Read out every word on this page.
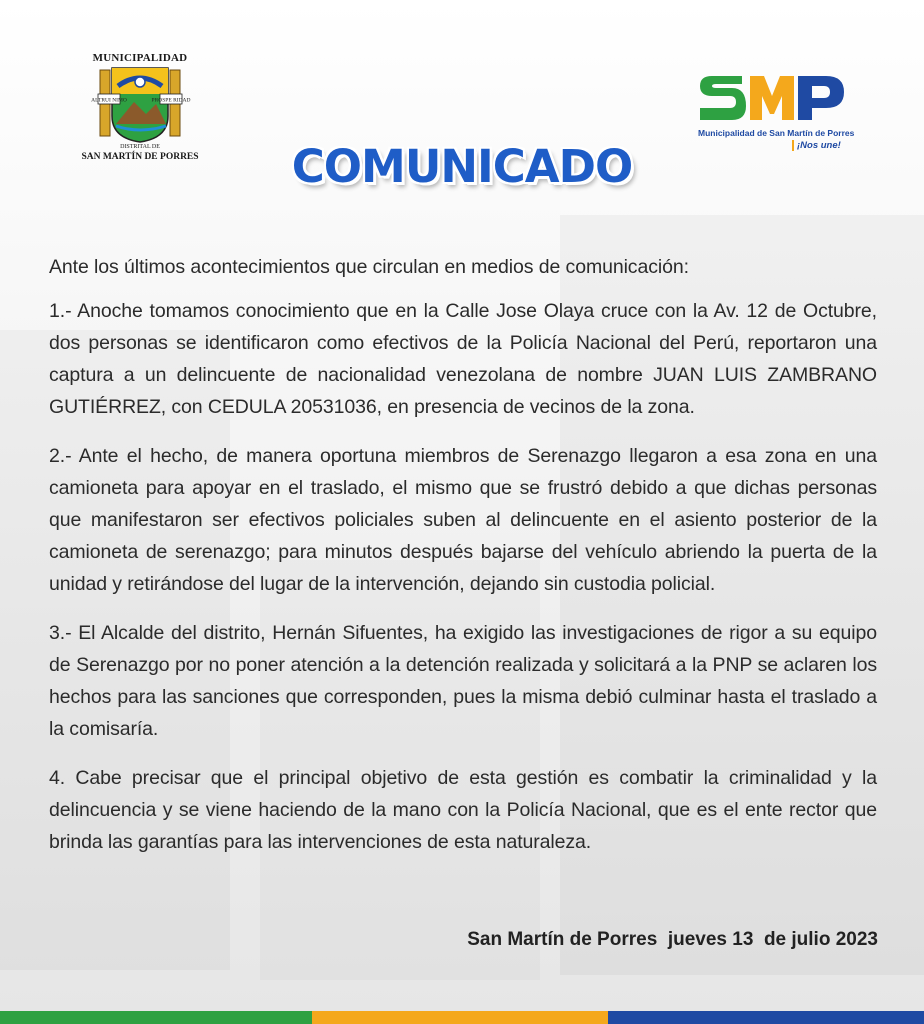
MUNICIPALIDAD
ALTRUI NIMO	PROSPE RIDAD
DISTRITAL DE
SAN MARTÍN DE PORRES
Municipalidad de San Martín de Porres
¡Nos une!
COMUNICADO

Ante los últimos acontecimientos que circulan en medios de comunicación:

1.- Anoche tomamos conocimiento que en la Calle Jose Olaya cruce con la Av. 12 de Octubre, dos personas se identificaron como efectivos de la Policía Nacional del Perú, reportaron una captura a un delincuente de nacionalidad venezolana de nombre JUAN LUIS ZAMBRANO GUTIÉRREZ, con CEDULA 20531036, en presencia de vecinos de la zona.

2.- Ante el hecho, de manera oportuna miembros de Serenazgo llegaron a esa zona en una camioneta para apoyar en el traslado, el mismo que se frustró debido a que dichas personas que manifestaron ser efectivos policiales suben al delincuente en el asiento posterior de la camioneta de serenazgo; para minutos después bajarse del vehículo abriendo la puerta de la unidad y retirándose del lugar de la intervención, dejando sin custodia policial.

3.- El Alcalde del distrito, Hernán Sifuentes, ha exigido las investigaciones de rigor a su equipo de Serenazgo por no poner atención a la detención realizada y solicitará a la PNP se aclaren los hechos para las sanciones que corresponden, pues la misma debió culminar hasta el traslado a la comisaría.

4. Cabe precisar que el principal objetivo de esta gestión es combatir la criminalidad y la delincuencia y se viene haciendo de la mano con la Policía Nacional, que es el ente rector que brinda las garantías para las intervenciones de esta naturaleza.

San Martín de Porres  jueves 13  de julio 2023
